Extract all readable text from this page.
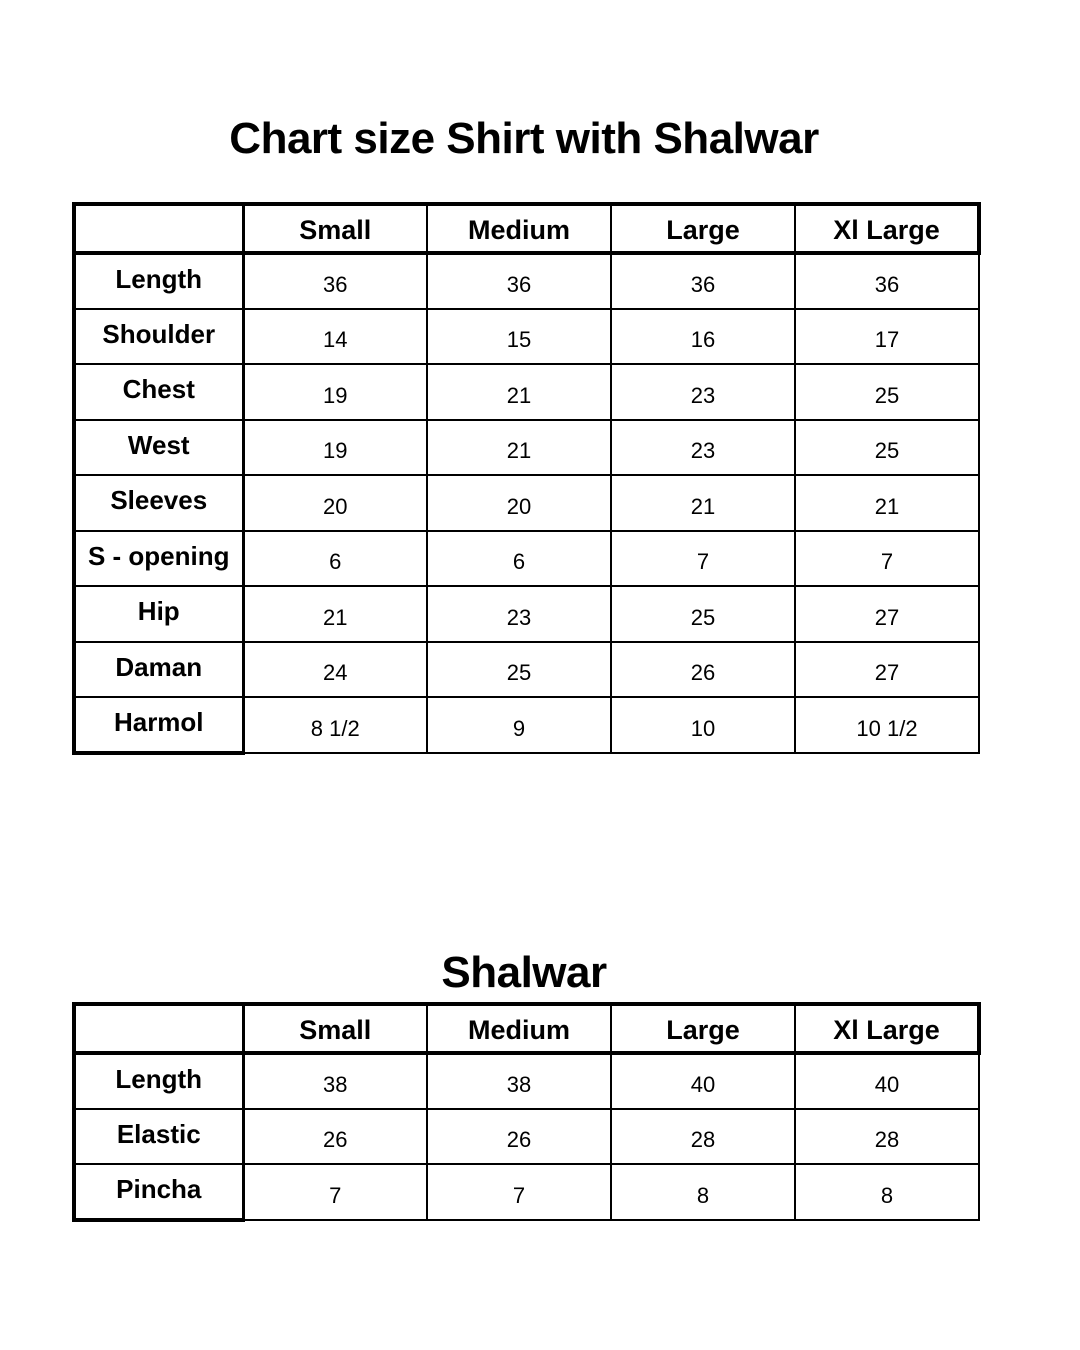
Chart size Shirt with Shalwar
	Small	Medium	Large	Xl Large
Length	36	36	36	36
Shoulder	14	15	16	17
Chest	19	21	23	25
West	19	21	23	25
Sleeves	20	20	21	21
S - opening	6	6	7	7
Hip	21	23	25	27
Daman	24	25	26	27
Harmol	8 1/2	9	10	10 1/2
Shalwar
	Small	Medium	Large	Xl Large
Length	38	38	40	40
Elastic	26	26	28	28
Pincha	7	7	8	8
